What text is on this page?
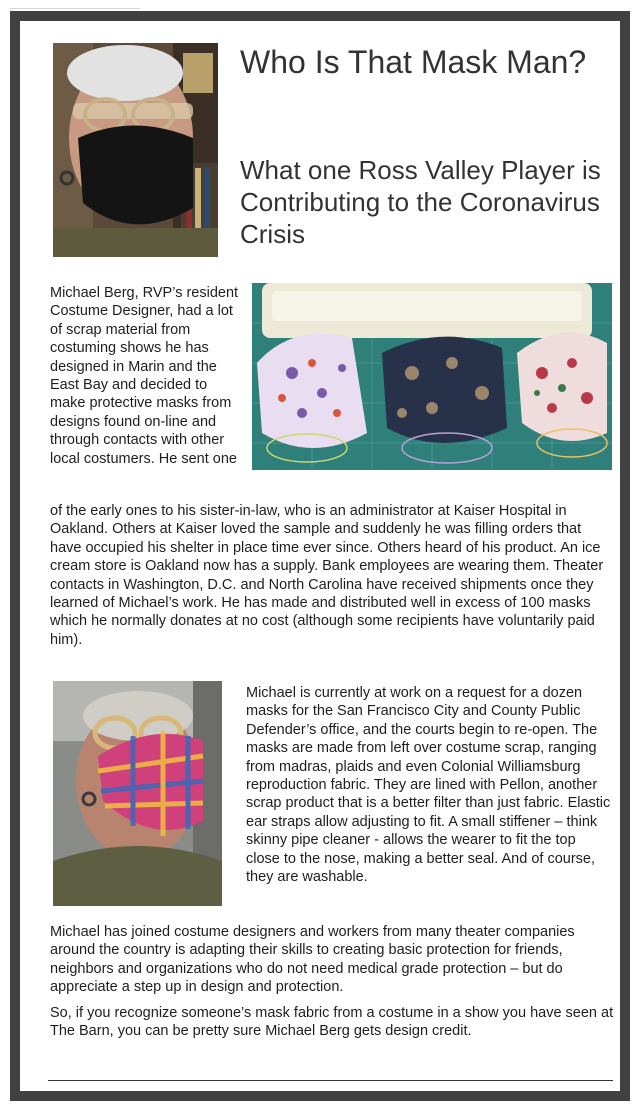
Who Is That Mask Man?
What one Ross Valley Player is Contributing to the Coronavirus Crisis

Michael Berg, RVP’s resident Costume Designer, had a lot of scrap material from costuming shows he has designed in Marin and the East Bay and decided to make protective masks from designs found on-line and through contacts with other local costumers. He sent one

of the early ones to his sister-in-law, who is an administrator at Kaiser Hospital in Oakland. Others at Kaiser loved the sample and suddenly he was filling orders that have occupied his shelter in place time ever since. Others heard of his product. An ice cream store is Oakland now has a supply. Bank employees are wearing them. Theater contacts in Washington, D.C. and North Carolina have received shipments once they learned of Michael’s work. He has made and distributed well in excess of 100 masks which he normally donates at no cost (although some recipients have voluntarily paid him).

Michael is currently at work on a request for a dozen masks for the San Francisco City and County Public Defender’s office, and the courts begin to re-open. The masks are made from left over costume scrap, ranging from madras, plaids and even Colonial Williamsburg reproduction fabric. They are lined with Pellon, another scrap product that is a better filter than just fabric. Elastic ear straps allow adjusting to fit. A small stiffener – think skinny pipe cleaner - allows the wearer to fit the top close to the nose, making a better seal. And of course, they are washable.

Michael has joined costume designers and workers from many theater companies around the country is adapting their skills to creating basic protection for friends, neighbors and organizations who do not need medical grade protection – but do appreciate a step up in design and protection.

So, if you recognize someone’s mask fabric from a costume in a show you have seen at The Barn, you can be pretty sure Michael Berg gets design credit.
